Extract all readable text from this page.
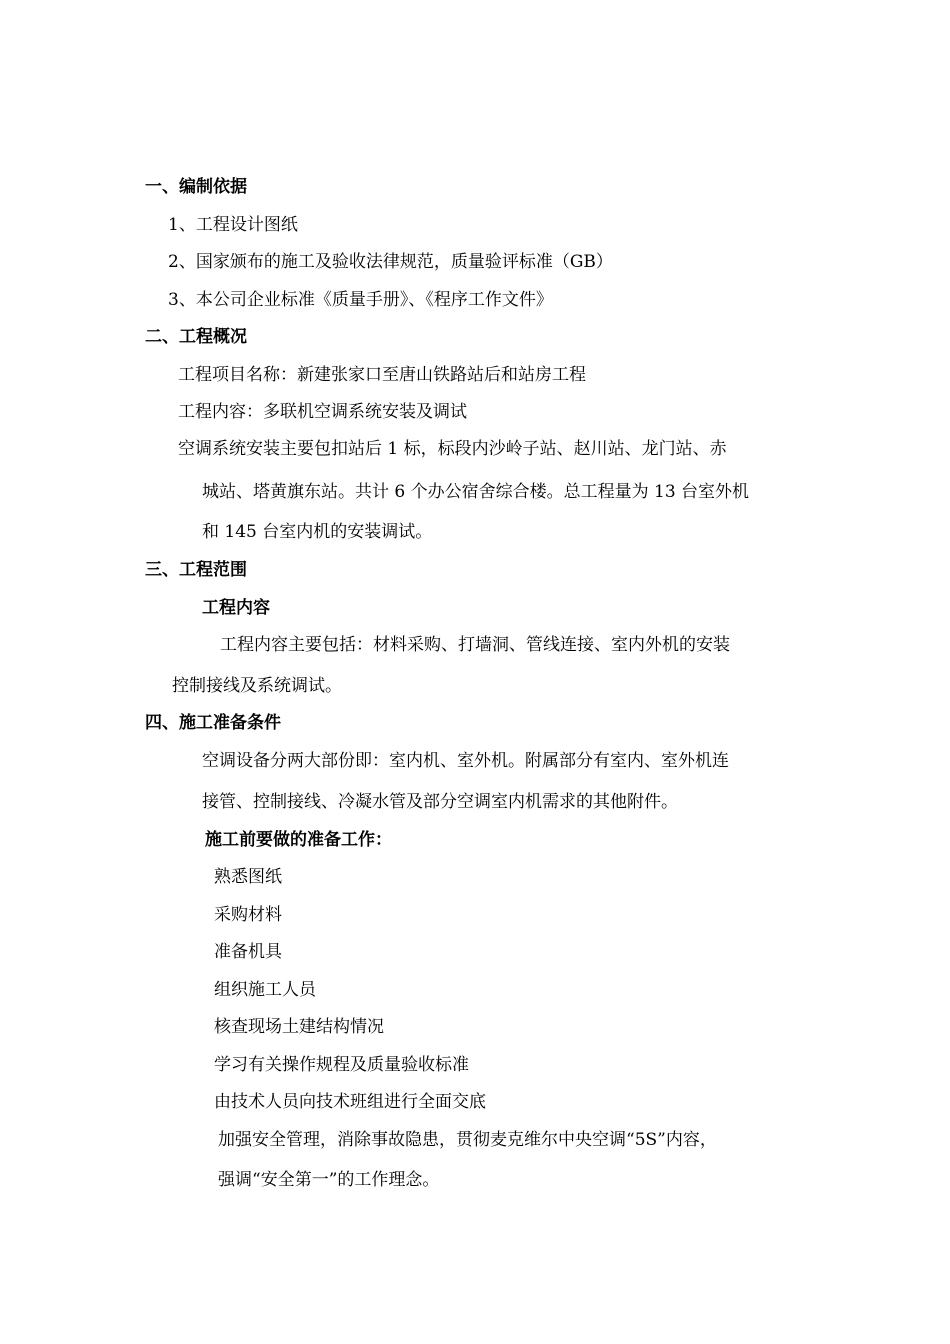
一、编制依据
1、工程设计图纸
2、国家颁布的施工及验收法律规范，质量验评标准（GB）
3、本公司企业标准《质量手册》、《程序工作文件》
二、工程概况
工程项目名称：新建张家口至唐山铁路站后和站房工程
工程内容：多联机空调系统安装及调试
空调系统安装主要包扣站后 1 标，标段内沙岭子站、赵川站、龙门站、赤
城站、塔黄旗东站。共计 6 个办公宿舍综合楼。总工程量为 13 台室外机
和 145 台室内机的安装调试。
三、工程范围
工程内容
工程内容主要包括：材料采购、打墙洞、管线连接、室内外机的安装
控制接线及系统调试。
四、施工准备条件
空调设备分两大部份即：室内机、室外机。附属部分有室内、室外机连
接管、控制接线、冷凝水管及部分空调室内机需求的其他附件。
施工前要做的准备工作：
熟悉图纸
采购材料
准备机具
组织施工人员
核查现场土建结构情况
学习有关操作规程及质量验收标准
由技术人员向技术班组进行全面交底
加强安全管理，消除事故隐患，贯彻麦克维尔中央空调“5S”内容，
强调“安全第一”的工作理念。
